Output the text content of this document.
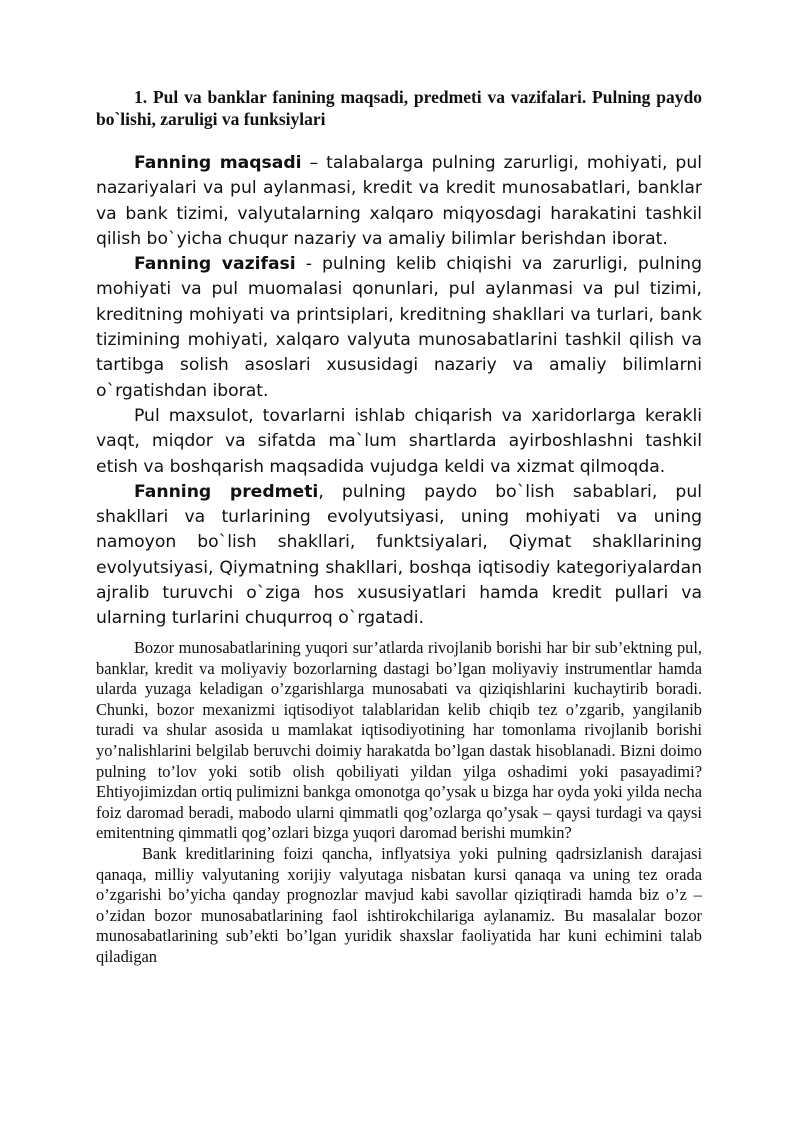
1. Pul va banklar fanining maqsadi, predmeti va vazifalari. Pulning paydo bo`lishi, zaruligi va funksiylari

Fanning maqsadi – talabalarga pulning zarurligi, mohiyati, pul nazariyalari va pul aylanmasi, kredit va kredit munosabatlari, banklar va bank tizimi, valyutalarning xalqaro miqyosdagi harakatini tashkil qilish bo`yicha chuqur nazariy va amaliy bilimlar berishdan iborat.

Fanning vazifasi - pulning kelib chiqishi va zarurligi, pulning mohiyati va pul muomalasi qonunlari, pul aylanmasi va pul tizimi, kreditning mohiyati va printsiplari, kreditning shakllari va turlari, bank tizimining mohiyati, xalqaro valyuta munosabatlarini tashkil qilish va tartibga solish asoslari xususidagi nazariy va amaliy bilimlarni o`rgatishdan iborat.

Pul maxsulot, tovarlarni ishlab chiqarish va xaridorlarga kerakli vaqt, miqdor va sifatda ma`lum shartlarda ayirboshlashni tashkil etish va boshqarish maqsadida vujudga keldi va xizmat qilmoqda.

Fanning predmeti, pulning paydo bo`lish sabablari, pul shakllari va turlarining evolyutsiyasi, uning mohiyati va uning namoyon bo`lish shakllari, funktsiyalari, Qiymat shakllarining evolyutsiyasi, Qiymatning shakllari, boshqa iqtisodiy kategoriyalardan ajralib turuvchi o`ziga hos xususiyatlari hamda kredit pullari va ularning turlarini chuqurroq o`rgatadi.

Bozor munosabatlarining yuqori sur’atlarda rivojlanib borishi har bir sub’ektning pul, banklar, kredit va moliyaviy bozorlarning dastagi bo’lgan moliyaviy instrumentlar hamda ularda yuzaga keladigan o’zgarishlarga munosabati va qiziqishlarini kuchaytirib boradi. Chunki, bozor mexanizmi iqtisodiyot talablaridan kelib chiqib tez o’zgarib, yangilanib turadi va shular asosida u mamlakat iqtisodiyotining har tomonlama rivojlanib borishi yo’nalishlarini belgilab beruvchi doimiy harakatda bo’lgan dastak hisoblanadi. Bizni doimo pulning to’lov yoki sotib olish qobiliyati yildan yilga oshadimi yoki pasayadimi? Ehtiyojimizdan ortiq pulimizni bankga omonotga qo’ysak u bizga har oyda yoki yilda necha foiz daromad beradi, mabodo ularni qimmatli qog’ozlarga qo’ysak – qaysi turdagi va qaysi emitentning qimmatli qog’ozlari bizga yuqori daromad berishi mumkin?

Bank kreditlarining foizi qancha, inflyatsiya yoki pulning qadrsizlanish darajasi qanaqa, milliy valyutaning xorijiy valyutaga nisbatan kursi qanaqa va uning tez orada o’zgarishi bo’yicha qanday prognozlar mavjud kabi savollar qiziqtiradi hamda biz o’z – o’zidan bozor munosabatlarining faol ishtirokchilariga aylanamiz. Bu masalalar bozor munosabatlarining sub’ekti bo’lgan yuridik shaxslar faoliyatida har kuni echimini talab qiladigan
